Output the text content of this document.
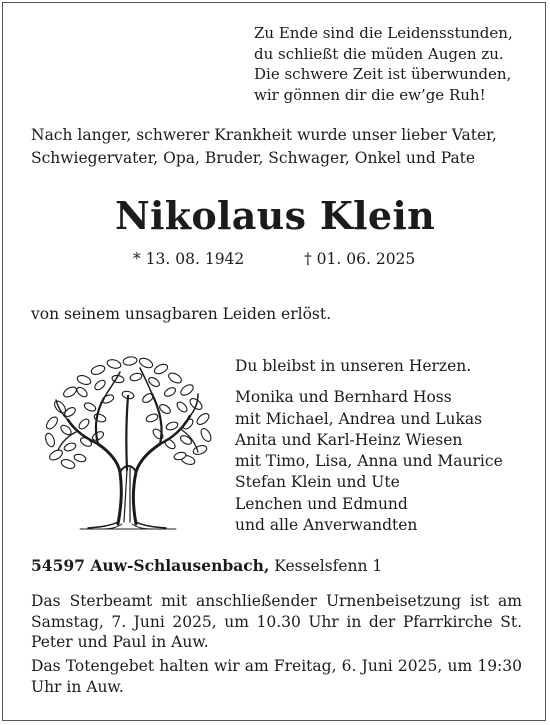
Zu Ende sind die Leidensstunden,
du schließt die müden Augen zu.
Die schwere Zeit ist überwunden,
wir gönnen dir die ew’ge Ruh!
Nach langer, schwerer Krankheit wurde unser lieber Vater,
Schwiegervater, Opa, Bruder, Schwager, Onkel und Pate
Nikolaus Klein
* 13. 08. 1942	† 01. 06. 2025
von seinem unsagbaren Leiden erlöst.
Du bleibst in unseren Herzen.
Monika und Bernhard Hoss
mit Michael, Andrea und Lukas
Anita und Karl-Heinz Wiesen
mit Timo, Lisa, Anna und Maurice
Stefan Klein und Ute
Lenchen und Edmund
und alle Anverwandten
54597 Auw-Schlausenbach, Kesselsfenn 1

Das Sterbeamt mit anschließender Urnenbeisetzung ist am Samstag, 7. Juni 2025, um 10.30 Uhr in der Pfarrkirche St. Peter und Paul in Auw.

Das Totengebet halten wir am Freitag, 6. Juni 2025, um 19:30 Uhr in Auw.
